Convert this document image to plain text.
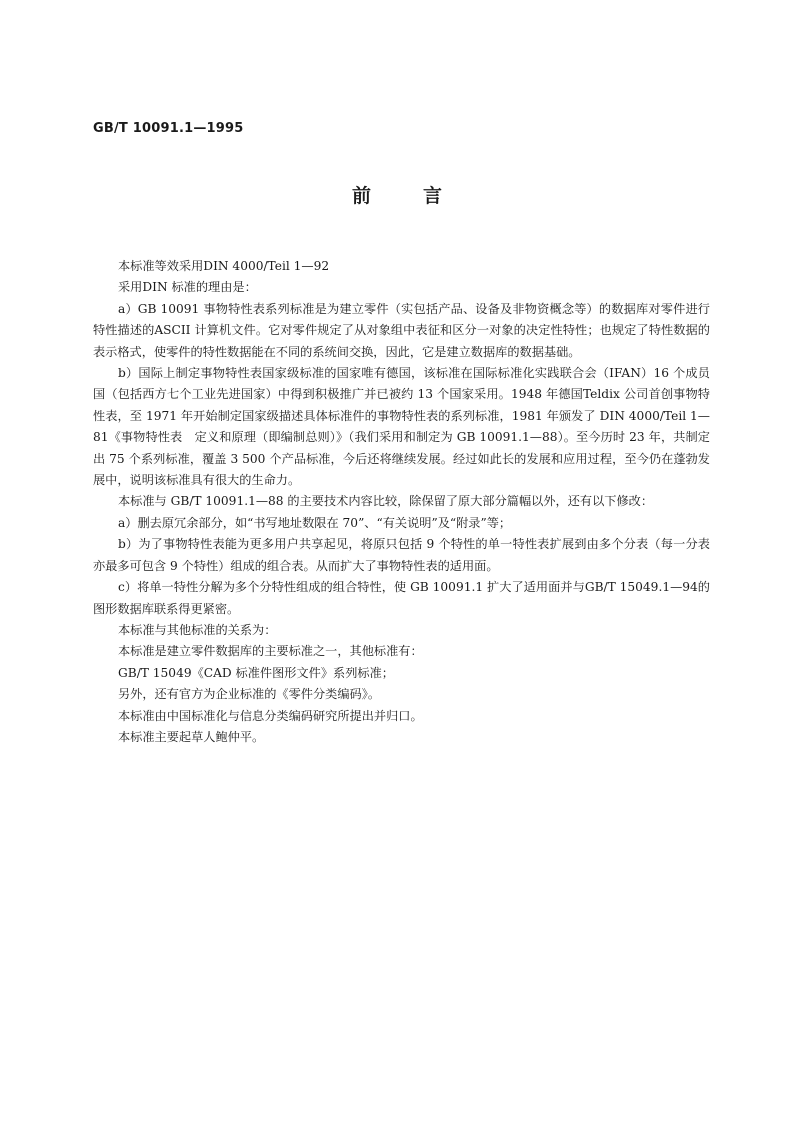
GB/T 10091.1—1995
前言

本标准等效采用DIN 4000/Teil 1—92

采用DIN 标准的理由是：

a）GB 10091 事物特性表系列标准是为建立零件（实包括产品、设备及非物资概念等）的数据库对零件进行特性描述的ASCII 计算机文件。它对零件规定了从对象组中表征和区分一对象的决定性特性；也规定了特性数据的表示格式，使零件的特性数据能在不同的系统间交换，因此，它是建立数据库的数据基础。

b）国际上制定事物特性表国家级标准的国家唯有德国，该标准在国际标准化实践联合会（IFAN）16 个成员国（包括西方七个工业先进国家）中得到积极推广并已被约 13 个国家采用。1948 年德国Teldix 公司首创事物特性表，至 1971 年开始制定国家级描述具体标准件的事物特性表的系列标准，1981 年颁发了 DIN 4000/Teil 1—81《事物特性表　定义和原理（即编制总则）》（我们采用和制定为 GB 10091.1—88）。至今历时 23 年，共制定出 75 个系列标准，覆盖 3 500 个产品标准，今后还将继续发展。经过如此长的发展和应用过程，至今仍在蓬勃发展中，说明该标准具有很大的生命力。

本标准与 GB/T 10091.1—88 的主要技术内容比较，除保留了原大部分篇幅以外，还有以下修改：

a）删去原冗余部分，如“书写地址数限在 70”、“有关说明”及“附录”等；

b）为了事物特性表能为更多用户共享起见，将原只包括 9 个特性的单一特性表扩展到由多个分表（每一分表亦最多可包含 9 个特性）组成的组合表。从而扩大了事物特性表的适用面。

c）将单一特性分解为多个分特性组成的组合特性，使 GB 10091.1 扩大了适用面并与GB/T 15049.1—94的图形数据库联系得更紧密。

本标准与其他标准的关系为：

本标准是建立零件数据库的主要标准之一，其他标准有：

GB/T 15049《CAD 标准件图形文件》系列标准；

另外，还有官方为企业标准的《零件分类编码》。

本标准由中国标准化与信息分类编码研究所提出并归口。

本标准主要起草人鲍仲平。
